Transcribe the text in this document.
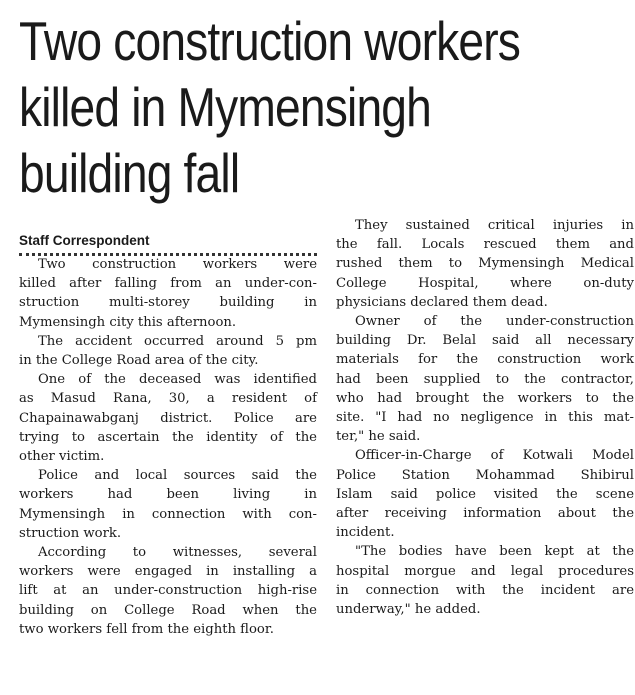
Two construction workers
killed in Mymensingh
building fall
Staff Correspondent

Two construction workers were
killed after falling from an under-con-
struction multi-storey building in
Mymensingh city this afternoon.

The accident occurred around 5 pm
in the College Road area of the city.

One of the deceased was identified
as Masud Rana, 30, a resident of
Chapainawabganj district. Police are
trying to ascertain the identity of the
other victim.

Police and local sources said the
workers had been living in
Mymensingh in connection with con-
struction work.

According to witnesses, several
workers were engaged in installing a
lift at an under-construction high-rise
building on College Road when the
two workers fell from the eighth floor.

They sustained critical injuries in
the fall. Locals rescued them and
rushed them to Mymensingh Medical
College Hospital, where on-duty
physicians declared them dead.

Owner of the under-construction
building Dr. Belal said all necessary
materials for the construction work
had been supplied to the contractor,
who had brought the workers to the
site. "I had no negligence in this mat-
ter," he said.

Officer-in-Charge of Kotwali Model
Police Station Mohammad Shibirul
Islam said police visited the scene
after receiving information about the
incident.

"The bodies have been kept at the
hospital morgue and legal procedures
in connection with the incident are
underway," he added.
